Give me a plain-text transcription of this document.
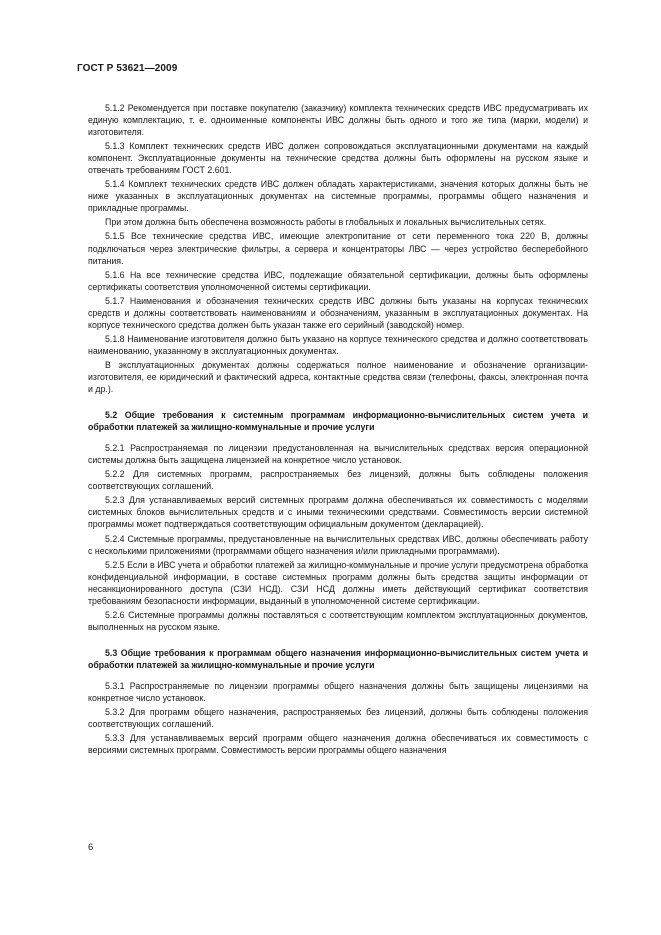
ГОСТ Р 53621—2009
5.1.2 Рекомендуется при поставке покупателю (заказчику) комплекта технических средств ИВС предусматривать их единую комплектацию, т. е. одноименные компоненты ИВС должны быть одного и того же типа (марки, модели) и изготовителя.
5.1.3 Комплект технических средств ИВС должен сопровождаться эксплуатационными документами на каждый компонент. Эксплуатационные документы на технические средства должны быть оформлены на русском языке и отвечать требованиям ГОСТ 2.601.
5.1.4 Комплект технических средств ИВС должен обладать характеристиками, значения которых должны быть не ниже указанных в эксплуатационных документах на системные программы, программы общего назначения и прикладные программы.
При этом должна быть обеспечена возможность работы в глобальных и локальных вычислительных сетях.
5.1.5 Все технические средства ИВС, имеющие электропитание от сети переменного тока 220 В, должны подключаться через электрические фильтры, а сервера и концентраторы ЛВС — через устройство бесперебойного питания.
5.1.6 На все технические средства ИВС, подлежащие обязательной сертификации, должны быть оформлены сертификаты соответствия уполномоченной системы сертификации.
5.1.7 Наименования и обозначения технических средств ИВС должны быть указаны на корпусах технических средств и должны соответствовать наименованиям и обозначениям, указанным в эксплуатационных документах. На корпусе технического средства должен быть указан также его серийный (заводской) номер.
5.1.8 Наименование изготовителя должно быть указано на корпусе технического средства и должно соответствовать наименованию, указанному в эксплуатационных документах.
В эксплуатационных документах должны содержаться полное наименование и обозначение организации-изготовителя, ее юридический и фактический адреса, контактные средства связи (телефоны, факсы, электронная почта и др.).
5.2 Общие требования к системным программам информационно-вычислительных систем учета и обработки платежей за жилищно-коммунальные и прочие услуги
5.2.1 Распространяемая по лицензии предустановленная на вычислительных средствах версия операционной системы должна быть защищена лицензией на конкретное число установок.
5.2.2 Для системных программ, распространяемых без лицензий, должны быть соблюдены положения соответствующих соглашений.
5.2.3 Для устанавливаемых версий системных программ должна обеспечиваться их совместимость с моделями системных блоков вычислительных средств и с иными техническими средствами. Совместимость версии системной программы может подтверждаться соответствующим официальным документом (декларацией).
5.2.4 Системные программы, предустановленные на вычислительных средствах ИВС, должны обеспечивать работу с несколькими приложениями (программами общего назначения и/или прикладными программами).
5.2.5 Если в ИВС учета и обработки платежей за жилищно-коммунальные и прочие услуги предусмотрена обработка конфиденциальной информации, в составе системных программ должны быть средства защиты информации от несанкционированного доступа (СЗИ НСД). СЗИ НСД должны иметь действующий сертификат соответствия требованиям безопасности информации, выданный в уполномоченной системе сертификации.
5.2.6 Системные программы должны поставляться с соответствующим комплектом эксплуатационных документов, выполненных на русском языке.
5.3 Общие требования к программам общего назначения информационно-вычислительных систем учета и обработки платежей за жилищно-коммунальные и прочие услуги
5.3.1 Распространяемые по лицензии программы общего назначения должны быть защищены лицензиями на конкретное число установок.
5.3.2 Для программ общего назначения, распространяемых без лицензий, должны быть соблюдены положения соответствующих соглашений.
5.3.3 Для устанавливаемых версий программ общего назначения должна обеспечиваться их совместимость с версиями системных программ. Совместимость версии программы общего назначения
6
